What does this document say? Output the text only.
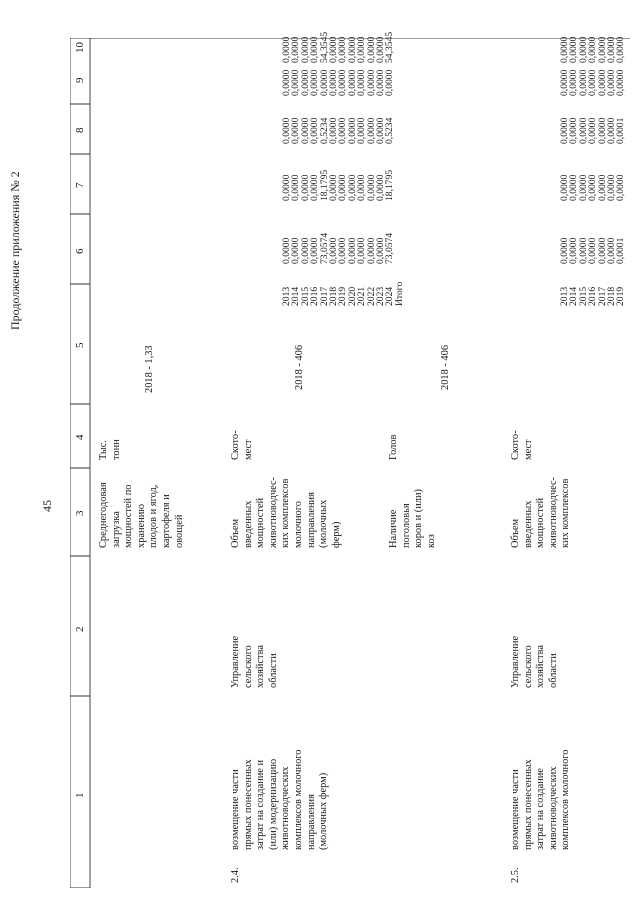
45
Продолжение приложения № 2
1
2
3
4
5
6
7
8
9
10
Среднегодовая
загрузка
мощностей по
хранению
плодов и ягод,
картофеля и
овощей
Тыс.
тонн
2018 - 1,33
2.4.
возмещение части
прямых понесенных
затрат на создание и
(или) модернизацию
животноводческих
комплексов молочного
направления
(молочных ферм)
Управление
сельского
хозяйства
области
Объем
введенных
мощностей
животноводчес-
ких комплексов
молочного
направления
(молочных
ферм)
Ското-
мест
2018 - 406
2013
2014
2015
2016
2017
2018
2019
2020
2021
2022
2023
2024
Итого
0,0000
0,0000
0,0000
0,0000
73,0574
0,0000
0,0000
0,0000
0,0000
0,0000
0,0000
73,0574
0,0000
0,0000
0,0000
0,0000
18,1795
0,0000
0,0000
0,0000
0,0000
0,0000
0,0000
18,1795
0,0000
0,0000
0,0000
0,0000
0,5234
0,0000
0,0000
0,0000
0,0000
0,0000
0,0000
0,5234
0,0000
0,0000
0,0000
0,0000
0,0000
0,0000
0,0000
0,0000
0,0000
0,0000
0,0000
0,0000
0,0000
0,0000
0,0000
0,0000
54,3545
0,0000
0,0000
0,0000
0,0000
0,0000
0,0000
54,3545
Наличие
поголовья
коров и (или)
коз
Голов
2018 - 406
2.5.
возмещение части
прямых понесенных
затрат на создание
животноводческих
комплексов молочного
Управление
сельского
хозяйства
области
Объем
введенных
мощностей
животноводчес-
ких комплексов
Ското-
мест
2013
2014
2015
2016
2017
2018
2019
0,0000
0,0000
0,0000
0,0000
0,0000
0,0000
0,0001
0,0000
0,0000
0,0000
0,0000
0,0000
0,0000
0,0000
0,0000
0,0000
0,0000
0,0000
0,0000
0,0000
0,0001
0,0000
0,0000
0,0000
0,0000
0,0000
0,0000
0,0000
0,0000
0,0000
0,0000
0,0000
0,0000
0,0000
0,0000
